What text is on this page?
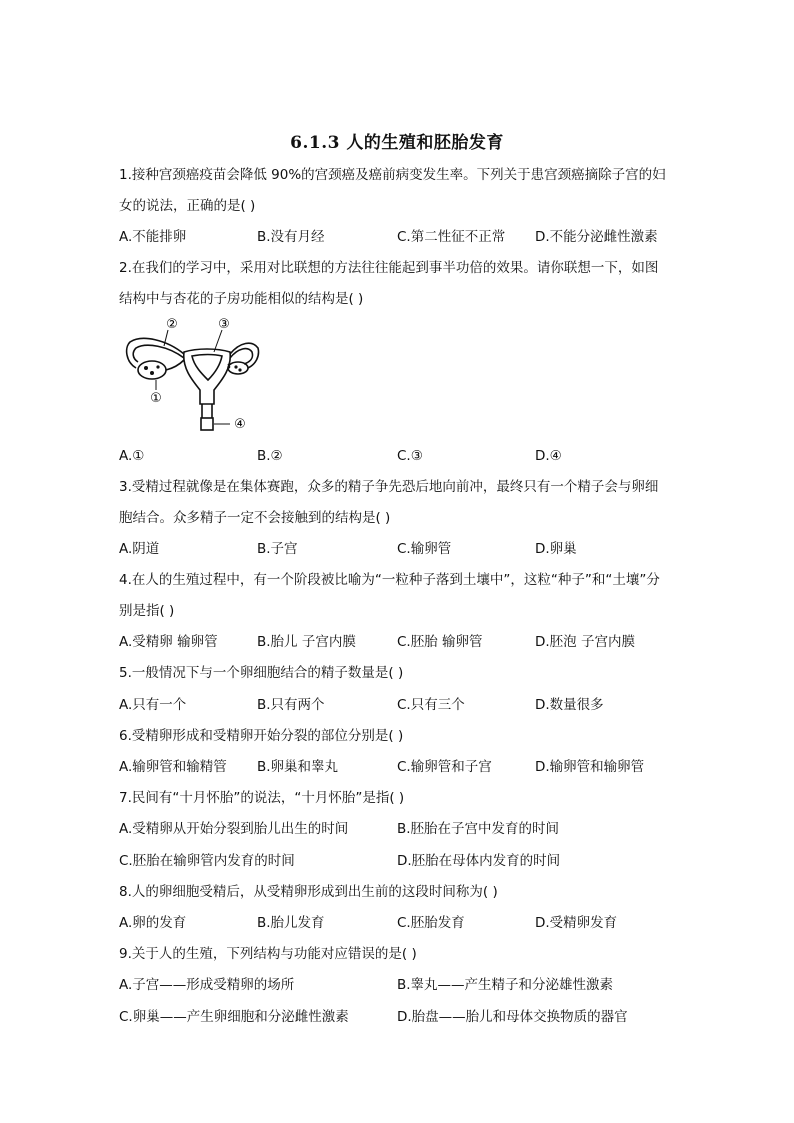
6.1.3 人的生殖和胚胎发育
1.接种宫颈癌疫苗会降低 90%的宫颈癌及癌前病变发生率。下列关于患宫颈癌摘除子宫的妇
女的说法，正确的是( )
A.不能排卵	B.没有月经	C.第二性征不正常 D.不能分泌雌性激素
2.在我们的学习中，采用对比联想的方法往往能起到事半功倍的效果。请你联想一下，如图
结构中与杏花的子房功能相似的结构是( )
①
②	③
④
A.①	B.②	C.③	D.④
3.受精过程就像是在集体赛跑，众多的精子争先恐后地向前冲，最终只有一个精子会与卵细
胞结合。众多精子一定不会接触到的结构是( )
A.阴道	B.子宫	C.输卵管	D.卵巢
4.在人的生殖过程中，有一个阶段被比喻为“一粒种子落到土壤中”，这粒“种子”和“土壤”分
别是指( )
A.受精卵 输卵管	B.胎儿 子宫内膜	C.胚胎 输卵管	D.胚泡 子宫内膜
5.一般情况下与一个卵细胞结合的精子数量是( )
A.只有一个	B.只有两个	C.只有三个	D.数量很多
6.受精卵形成和受精卵开始分裂的部位分别是( )
A.输卵管和输精管 B.卵巢和睾丸	C.输卵管和子宫	D.输卵管和输卵管
7.民间有“十月怀胎”的说法，“十月怀胎”是指( )
A.受精卵从开始分裂到胎儿出生的时间	B.胚胎在子宫中发育的时间
C.胚胎在输卵管内发育的时间	D.胚胎在母体内发育的时间
8.人的卵细胞受精后，从受精卵形成到出生前的这段时间称为( )
A.卵的发育	B.胎儿发育	C.胚胎发育	D.受精卵发育
9.关于人的生殖，下列结构与功能对应错误的是( )
A.子宫——形成受精卵的场所	B.睾丸——产生精子和分泌雄性激素
C.卵巢——产生卵细胞和分泌雌性激素	D.胎盘——胎儿和母体交换物质的器官
